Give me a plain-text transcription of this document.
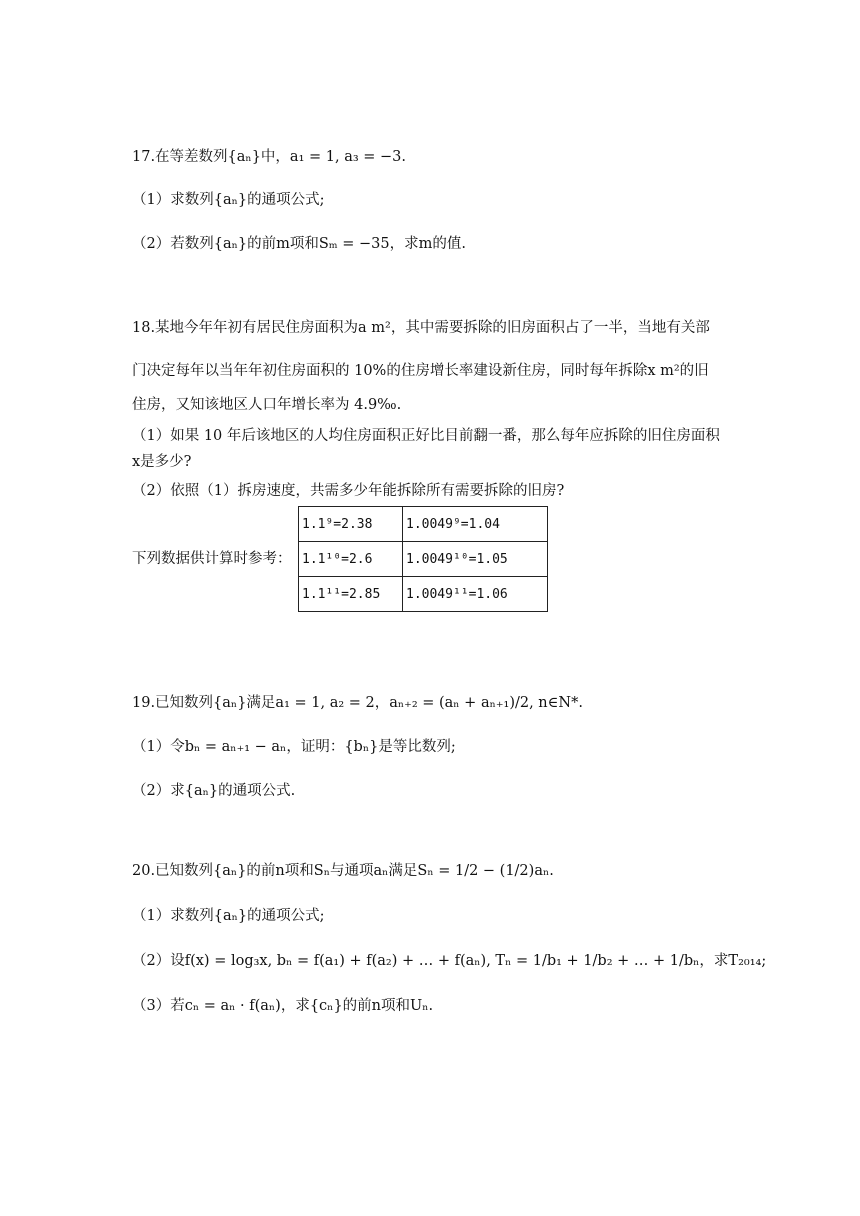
17.在等差数列{aₙ}中，a₁ = 1, a₃ = −3.
（1）求数列{aₙ}的通项公式;
（2）若数列{aₙ}的前m项和Sₘ = −35，求m的值.
18.某地今年年初有居民住房面积为a m²，其中需要拆除的旧房面积占了一半，当地有关部
门决定每年以当年年初住房面积的 10%的住房增长率建设新住房，同时每年拆除x m²的旧
住房，又知该地区人口年增长率为 4.9‰.
（1）如果 10 年后该地区的人均住房面积正好比目前翻一番，那么每年应拆除的旧住房面积
x是多少?
（2）依照（1）拆房速度，共需多少年能拆除所有需要拆除的旧房?
下列数据供计算时参考：
1.1⁹=2.38	1.0049⁹=1.04
1.1¹⁰=2.6	1.0049¹⁰=1.05
1.1¹¹=2.85	1.0049¹¹=1.06
19.已知数列{aₙ}满足a₁ = 1, a₂ = 2，aₙ₊₂ = (aₙ + aₙ₊₁)/2, n∈N*.
（1）令bₙ = aₙ₊₁ − aₙ，证明：{bₙ}是等比数列;
（2）求{aₙ}的通项公式.
20.已知数列{aₙ}的前n项和Sₙ与通项aₙ满足Sₙ = 1/2 − (1/2)aₙ.
（1）求数列{aₙ}的通项公式;
（2）设f(x) = log₃x, bₙ = f(a₁) + f(a₂) + … + f(aₙ), Tₙ = 1/b₁ + 1/b₂ + … + 1/bₙ，求T₂₀₁₄;
（3）若cₙ = aₙ · f(aₙ)，求{cₙ}的前n项和Uₙ.
